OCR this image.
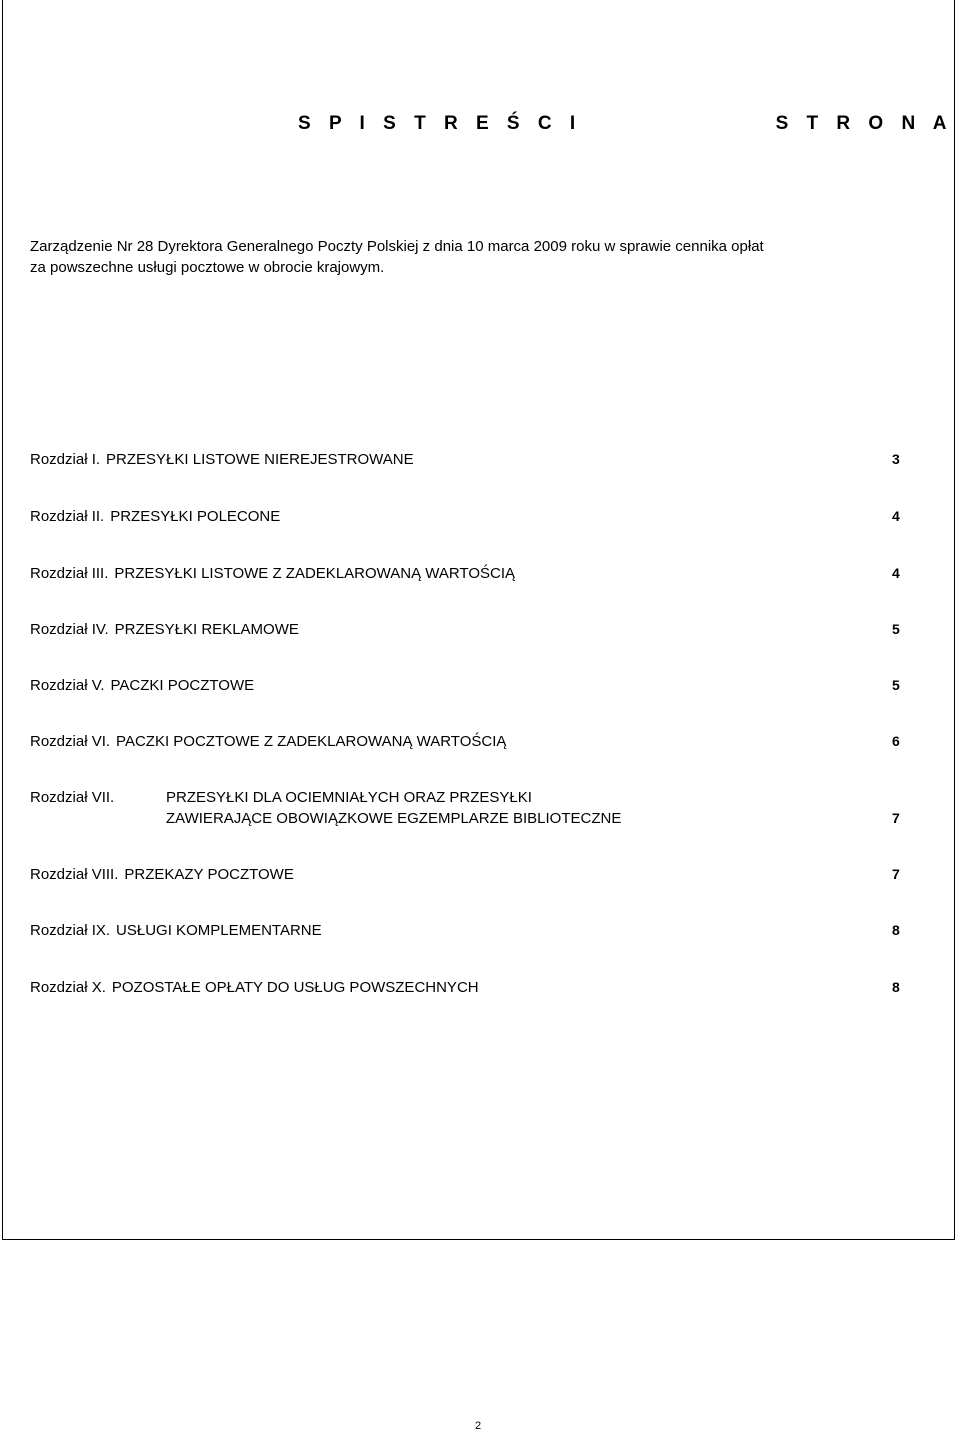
S P I S T R E Ś C I	S T R O N A
Zarządzenie Nr 28 Dyrektora Generalnego Poczty Polskiej z dnia 10 marca 2009 roku w sprawie cennika opłat
za powszechne usługi pocztowe w obrocie krajowym.
Rozdział I. PRZESYŁKI LISTOWE NIEREJESTROWANE	3
Rozdział II. PRZESYŁKI POLECONE	4
Rozdział III. PRZESYŁKI LISTOWE Z ZADEKLAROWANĄ WARTOŚCIĄ	4
Rozdział IV. PRZESYŁKI REKLAMOWE	5
Rozdział V. PACZKI POCZTOWE	5
Rozdział VI. PACZKI POCZTOWE Z ZADEKLAROWANĄ WARTOŚCIĄ	6
Rozdział VII.	PRZESYŁKI DLA OCIEMNIAŁYCH ORAZ PRZESYŁKI
ZAWIERAJĄCE OBOWIĄZKOWE EGZEMPLARZE BIBLIOTECZNE	7
Rozdział VIII. PRZEKAZY POCZTOWE	7
Rozdział IX. USŁUGI KOMPLEMENTARNE	8
Rozdział X. POZOSTAŁE OPŁATY DO USŁUG POWSZECHNYCH	8
2
